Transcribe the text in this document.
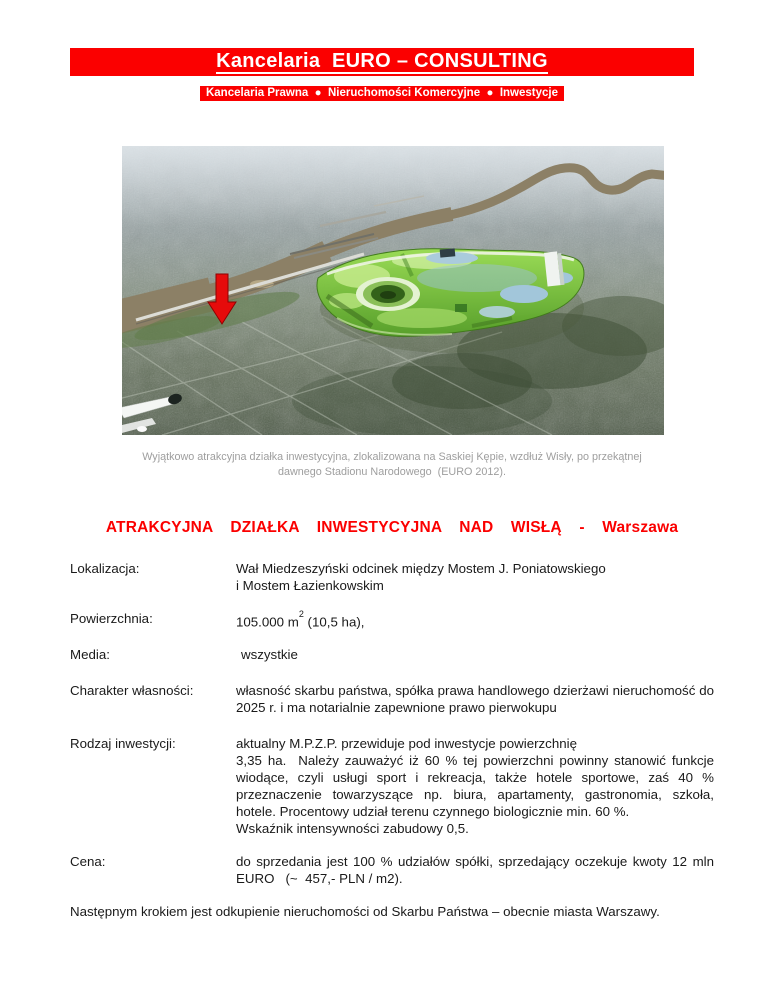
Kancelaria  EURO – CONSULTING
Kancelaria Prawna  ●  Nieruchomości Komercyjne  ●  Inwestycje
Wyjątkowo atrakcyjna działka inwestycyjna, zlokalizowana na Saskiej Kępie, wzdłuż Wisły, po przekątnej
dawnego Stadionu Narodowego  (EURO 2012).
ATRAKCYJNA DZIAŁKA INWESTYCYJNA NAD WISŁĄ - Warszawa
Lokalizacja:	Wał Miedzeszyński odcinek między Mostem J. Poniatowskiego
i Mostem Łazienkowskim
Powierzchnia:	105.000 $m^2$ (10,5 ha),
Media:	wszystkie
Charakter własności:	własność skarbu państwa, spółka prawa handlowego dzierżawi nieruchomość do 2025 r. i ma notarialnie zapewnione prawo pierwokupu
Rodzaj inwestycji:	aktualny M.P.Z.P. przewiduje pod inwestycje powierzchnię
3,35 ha.  Należy zauważyć iż 60 % tej powierzchni powinny stanowić funkcje wiodące, czyli usługi sport i rekreacja, także hotele sportowe, zaś 40 % przeznaczenie towarzyszące np. biura, apartamenty, gastronomia, szkoła, hotele. Procentowy udział terenu czynnego biologicznie min. 60 %.
Wskaźnik intensywności zabudowy 0,5.
Cena:	do sprzedania jest 100 % udziałów spółki, sprzedający oczekuje kwoty 12 mln EURO   (~  457,- PLN / m2).
Następnym krokiem jest odkupienie nieruchomości od Skarbu Państwa – obecnie miasta Warszawy.
